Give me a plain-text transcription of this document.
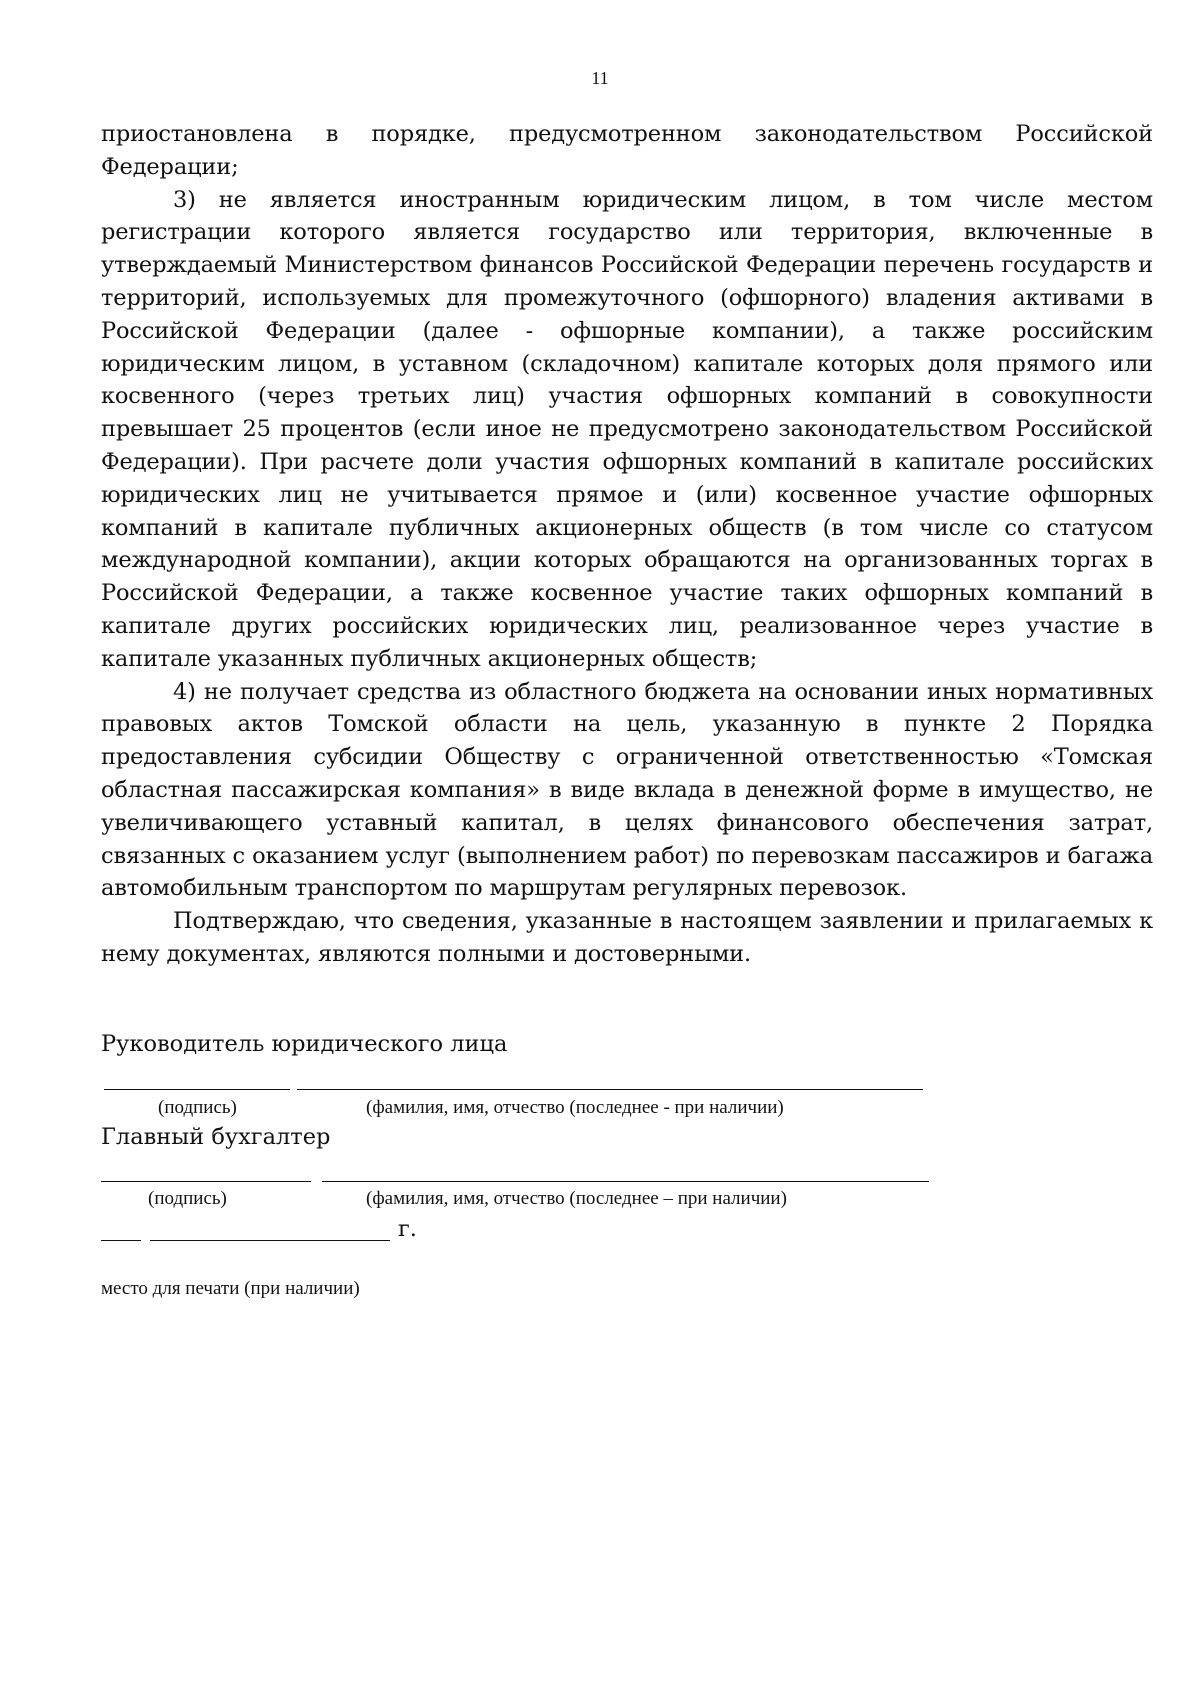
11

приостановлена в порядке, предусмотренном законодательством Российской Федерации;

3) не является иностранным юридическим лицом, в том числе местом регистрации которого является государство или территория, включенные в утверждаемый Министерством финансов Российской Федерации перечень государств и территорий, используемых для промежуточного (офшорного) владения активами в Российской Федерации (далее - офшорные компании), а также российским юридическим лицом, в уставном (складочном) капитале которых доля прямого или косвенного (через третьих лиц) участия офшорных компаний в совокупности превышает 25 процентов (если иное не предусмотрено законодательством Российской Федерации). При расчете доли участия офшорных компаний в капитале российских юридических лиц не учитывается прямое и (или) косвенное участие офшорных компаний в капитале публичных акционерных обществ (в том числе со статусом международной компании), акции которых обращаются на организованных торгах в Российской Федерации, а также косвенное участие таких офшорных компаний в капитале других российских юридических лиц, реализованное через участие в капитале указанных публичных акционерных обществ;

4) не получает средства из областного бюджета на основании иных нормативных правовых актов Томской области на цель, указанную в пункте 2 Порядка предоставления субсидии Обществу с ограниченной ответственностью «Томская областная пассажирская компания» в виде вклада в денежной форме в имущество, не увеличивающего уставный капитал, в целях финансового обеспечения затрат, связанных с оказанием услуг (выполнением работ) по перевозкам пассажиров и багажа автомобильным транспортом по маршрутам регулярных перевозок.

Подтверждаю, что сведения, указанные в настоящем заявлении и прилагаемых к нему документах, являются полными и достоверными.

Руководитель юридического лица
(подпись)	(фамилия, имя, отчество (последнее - при наличии)
Главный бухгалтер
(подпись)	(фамилия, имя, отчество (последнее – при наличии)
г.
место для печати (при наличии)
